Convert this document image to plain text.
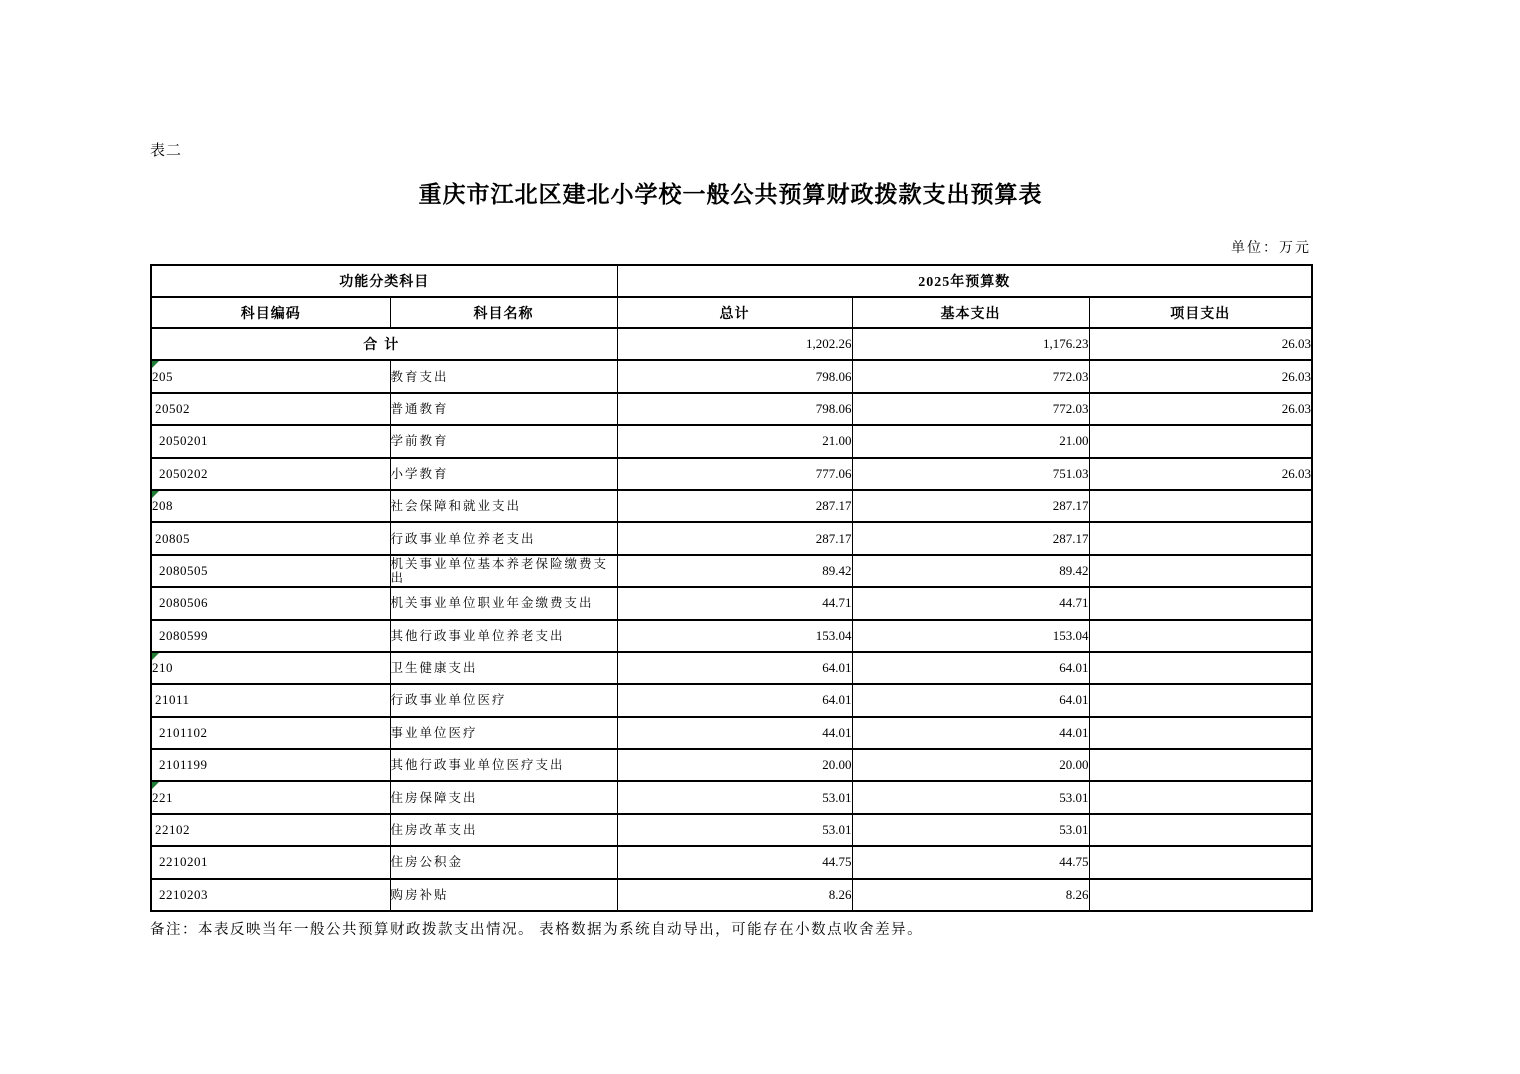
表二
重庆市江北区建北小学校一般公共预算财政拨款支出预算表
单位：万元
功能分类科目		2025年预算数		
科目编码	科目名称	总计	基本支出	项目支出
合计		1,202.26	1,176.23	26.03

205	教育支出	798.06	772.03	26.03
20502	普通教育	798.06	772.03	26.03
2050201	学前教育	21.00	21.00	
2050202	小学教育	777.06	751.03	26.03

208	社会保障和就业支出	287.17	287.17	
20805	行政事业单位养老支出	287.17	287.17	
2080505	机关事业单位基本养老保险缴费支出	89.42	89.42	
2080506	机关事业单位职业年金缴费支出	44.71	44.71	
2080599	其他行政事业单位养老支出	153.04	153.04	

210	卫生健康支出	64.01	64.01	
21011	行政事业单位医疗	64.01	64.01	
2101102	事业单位医疗	44.01	44.01	
2101199	其他行政事业单位医疗支出	20.00	20.00	

221	住房保障支出	53.01	53.01	
22102	住房改革支出	53.01	53.01	
2210201	住房公积金	44.75	44.75	
2210203	购房补贴	8.26	8.26	
备注：本表反映当年一般公共预算财政拨款支出情况。 表格数据为系统自动导出，可能存在小数点收舍差异。
